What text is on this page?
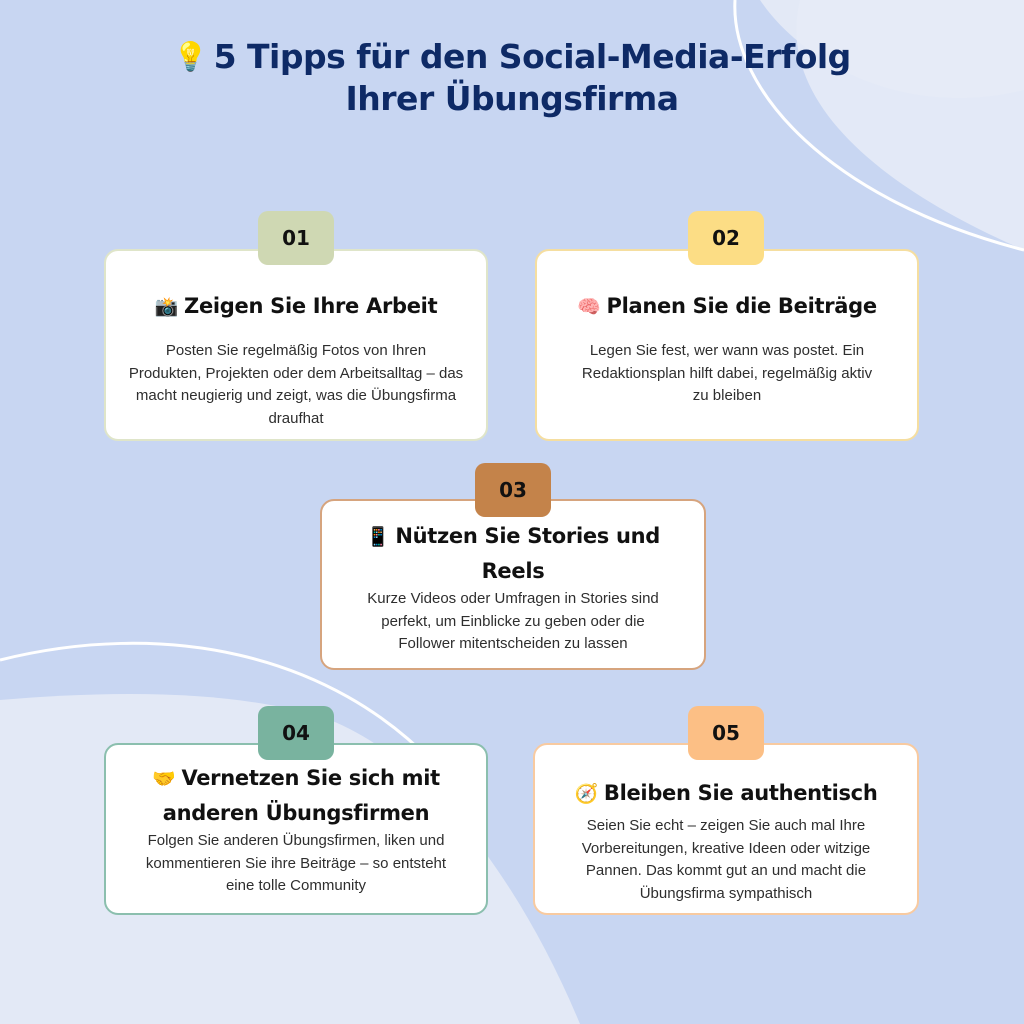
💡 5 Tipps für den Social-Media-Erfolg
Ihrer Übungsfirma
📸 Zeigen Sie Ihre Arbeit
Posten Sie regelmäßig Fotos von Ihren Produkten, Projekten oder dem Arbeitsalltag – das macht neugierig und zeigt, was die Übungsfirma draufhat
01
🧠 Planen Sie die Beiträge
Legen Sie fest, wer wann was postet. Ein Redaktionsplan hilft dabei, regelmäßig aktiv zu bleiben
02
📱 Nützen Sie Stories und Reels
Kurze Videos oder Umfragen in Stories sind perfekt, um Einblicke zu geben oder die Follower mitentscheiden zu lassen
03
🤝 Vernetzen Sie sich mit anderen Übungsfirmen
Folgen Sie anderen Übungsfirmen, liken und kommentieren Sie ihre Beiträge – so entsteht eine tolle Community
04
🧭 Bleiben Sie authentisch
Seien Sie echt – zeigen Sie auch mal Ihre Vorbereitungen, kreative Ideen oder witzige Pannen. Das kommt gut an und macht die Übungsfirma sympathisch
05
